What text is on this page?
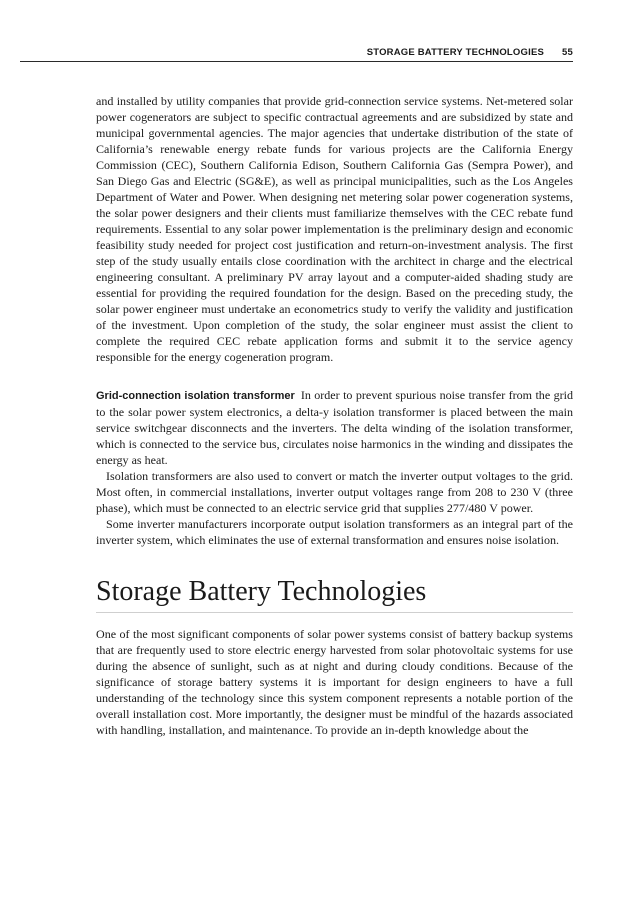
STORAGE BATTERY TECHNOLOGIES 55

and installed by utility companies that provide grid-connection service systems. Net-metered solar power cogenerators are subject to specific contractual agreements and are subsidized by state and municipal governmental agencies. The major agencies that undertake distribution of the state of California’s renewable energy rebate funds for various projects are the California Energy Commission (CEC), Southern California Edison, Southern California Gas (Sempra Power), and San Diego Gas and Electric (SG&E), as well as principal municipalities, such as the Los Angeles Department of Water and Power. When designing net metering solar power cogeneration systems, the solar power designers and their clients must familiarize themselves with the CEC rebate fund requirements. Essential to any solar power implementation is the preliminary design and economic feasibility study needed for project cost justification and return-on-investment analysis. The first step of the study usually entails close coordination with the architect in charge and the electrical engineering consultant. A preliminary PV array layout and a computer-aided shading study are essential for providing the required foundation for the design. Based on the preceding study, the solar power engineer must undertake an econometrics study to verify the validity and justification of the investment. Upon completion of the study, the solar engineer must assist the client to complete the required CEC rebate application forms and submit it to the service agency responsible for the energy cogeneration program.

Grid-connection isolation transformer In order to prevent spurious noise transfer from the grid to the solar power system electronics, a delta-y isolation transformer is placed between the main service switchgear disconnects and the inverters. The delta winding of the isolation transformer, which is connected to the service bus, circulates noise harmonics in the winding and dissipates the energy as heat.

Isolation transformers are also used to convert or match the inverter output voltages to the grid. Most often, in commercial installations, inverter output voltages range from 208 to 230 V (three phase), which must be connected to an electric service grid that supplies 277/480 V power.

Some inverter manufacturers incorporate output isolation transformers as an integral part of the inverter system, which eliminates the use of external transformation and ensures noise isolation.

Storage Battery Technologies

One of the most significant components of solar power systems consist of battery backup systems that are frequently used to store electric energy harvested from solar photovoltaic systems for use during the absence of sunlight, such as at night and during cloudy conditions. Because of the significance of storage battery systems it is important for design engineers to have a full understanding of the technology since this system component represents a notable portion of the overall installation cost. More importantly, the designer must be mindful of the hazards associated with handling, installation, and maintenance. To provide an in-depth knowledge about the
